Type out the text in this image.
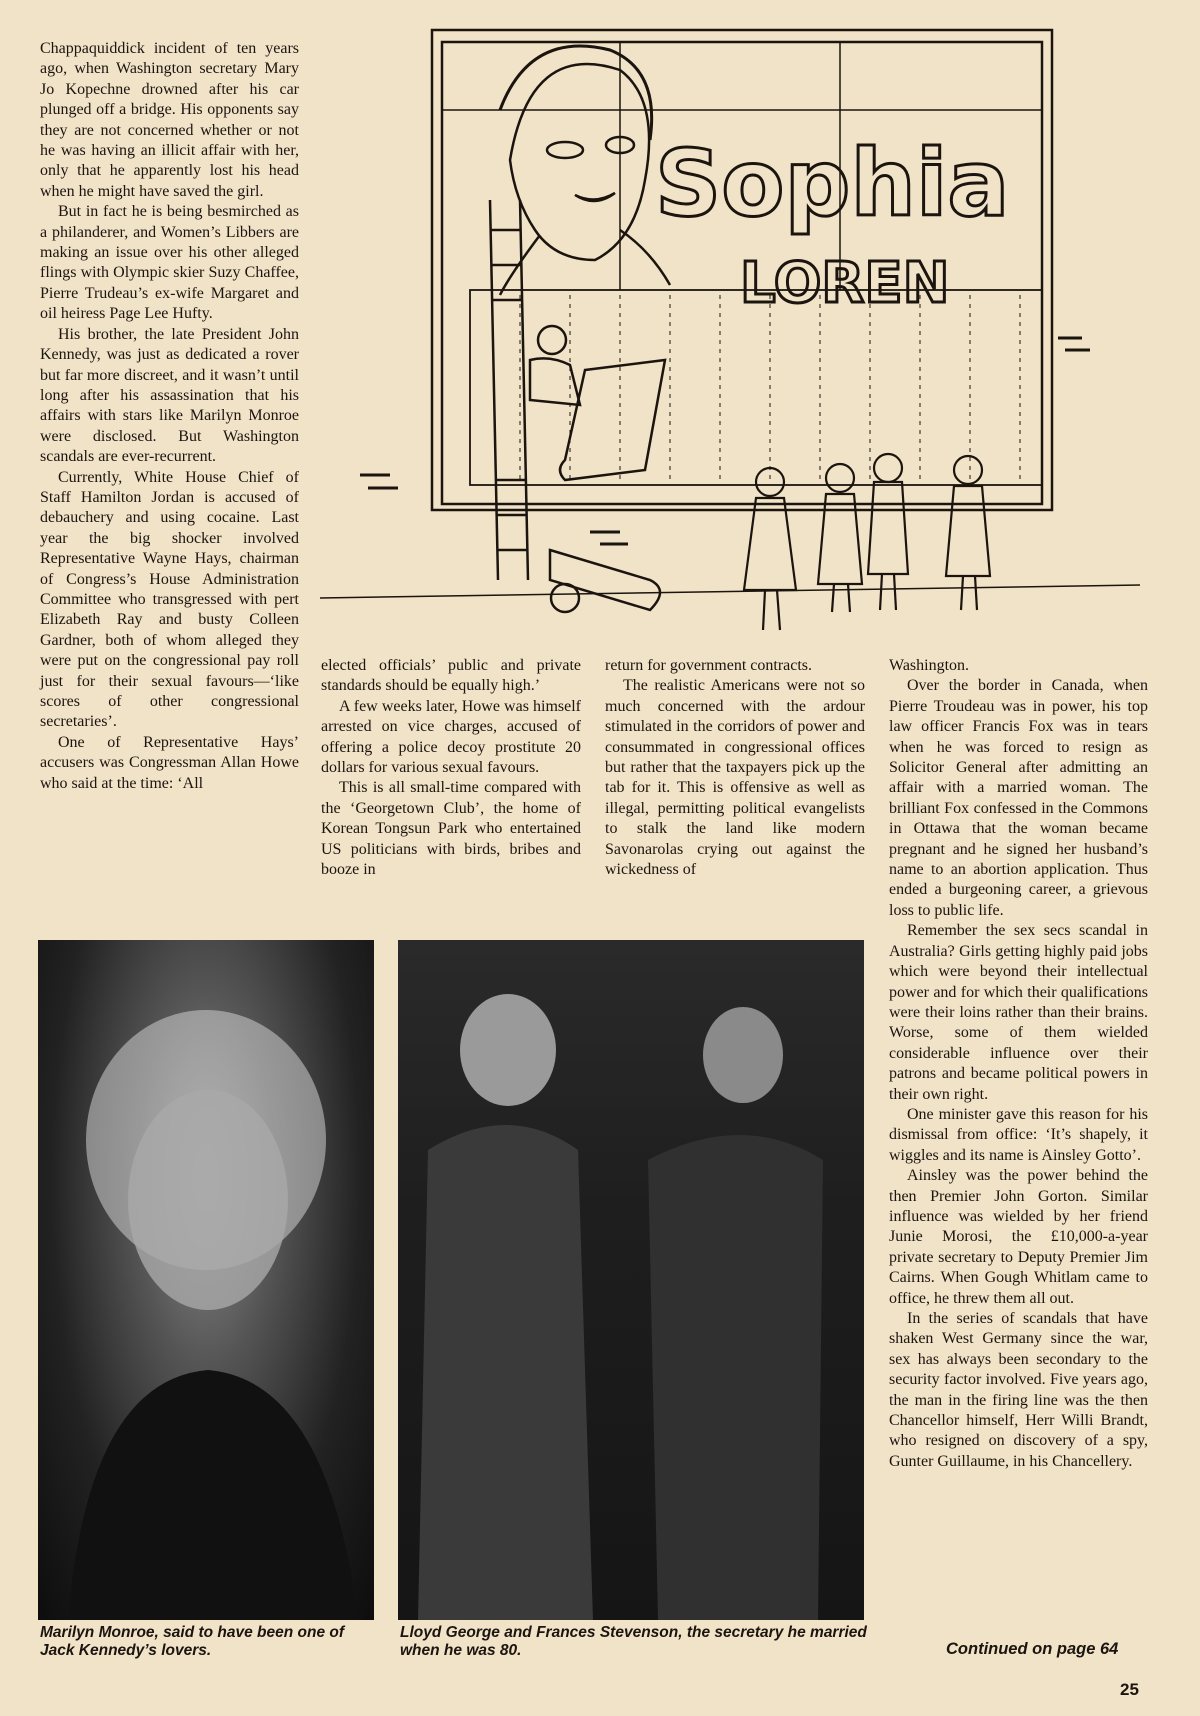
Chappaquiddick incident of ten years ago, when Washington secretary Mary Jo Kopechne drowned after his car plunged off a bridge. His opponents say they are not concerned whether or not he was having an illicit affair with her, only that he apparently lost his head when he might have saved the girl.

But in fact he is being besmirched as a philanderer, and Women’s Libbers are making an issue over his other alleged flings with Olympic skier Suzy Chaffee, Pierre Trudeau’s ex-wife Margaret and oil heiress Page Lee Hufty.

His brother, the late President John Kennedy, was just as dedicated a rover but far more discreet, and it wasn’t until long after his assassination that his affairs with stars like Marilyn Monroe were disclosed. But Washington scandals are ever-recurrent.

Currently, White House Chief of Staff Hamilton Jordan is accused of debauchery and using cocaine. Last year the big shocker involved Representative Wayne Hays, chairman of Congress’s House Administration Committee who transgressed with pert Elizabeth Ray and busty Colleen Gardner, both of whom alleged they were put on the congressional pay roll just for their sexual favours—‘like scores of other congressional secretaries’.

One of Representative Hays’ accusers was Congressman Allan Howe who said at the time: ‘All

elected officials’ public and private standards should be equally high.’

A few weeks later, Howe was himself arrested on vice charges, accused of offering a police decoy prostitute 20 dollars for various sexual favours.

This is all small-time compared with the ‘Georgetown Club’, the home of Korean Tongsun Park who entertained US politicians with birds, bribes and booze in

return for government contracts.

The realistic Americans were not so much concerned with the ardour stimulated in the corridors of power and consummated in congressional offices but rather that the taxpayers pick up the tab for it. This is offensive as well as illegal, permitting political evangelists to stalk the land like modern Savonarolas crying out against the wickedness of

Washington.

Over the border in Canada, when Pierre Troudeau was in power, his top law officer Francis Fox was in tears when he was forced to resign as Solicitor General after admitting an affair with a married woman. The brilliant Fox confessed in the Commons in Ottawa that the woman became pregnant and he signed her husband’s name to an abortion application. Thus ended a burgeoning career, a grievous loss to public life.

Remember the sex secs scandal in Australia? Girls getting highly paid jobs which were beyond their intellectual power and for which their qualifications were their loins rather than their brains. Worse, some of them wielded considerable influence over their patrons and became political powers in their own right.

One minister gave this reason for his dismissal from office: ‘It’s shapely, it wiggles and its name is Ainsley Gotto’.

Ainsley was the power behind the then Premier John Gorton. Similar influence was wielded by her friend Junie Morosi, the £10,000-a-year private secretary to Deputy Premier Jim Cairns. When Gough Whitlam came to office, he threw them all out.

In the series of scandals that have shaken West Germany since the war, sex has always been secondary to the security factor involved. Five years ago, the man in the firing line was the then Chancellor himself, Herr Willi Brandt, who resigned on discovery of a spy, Gunter Guillaume, in his Chancellery.

Sophia
LOREN
Marilyn Monroe, said to have been one of Jack Kennedy’s lovers.
Lloyd George and Frances Stevenson, the secretary he married when he was 80.	Continued on page 64
25
